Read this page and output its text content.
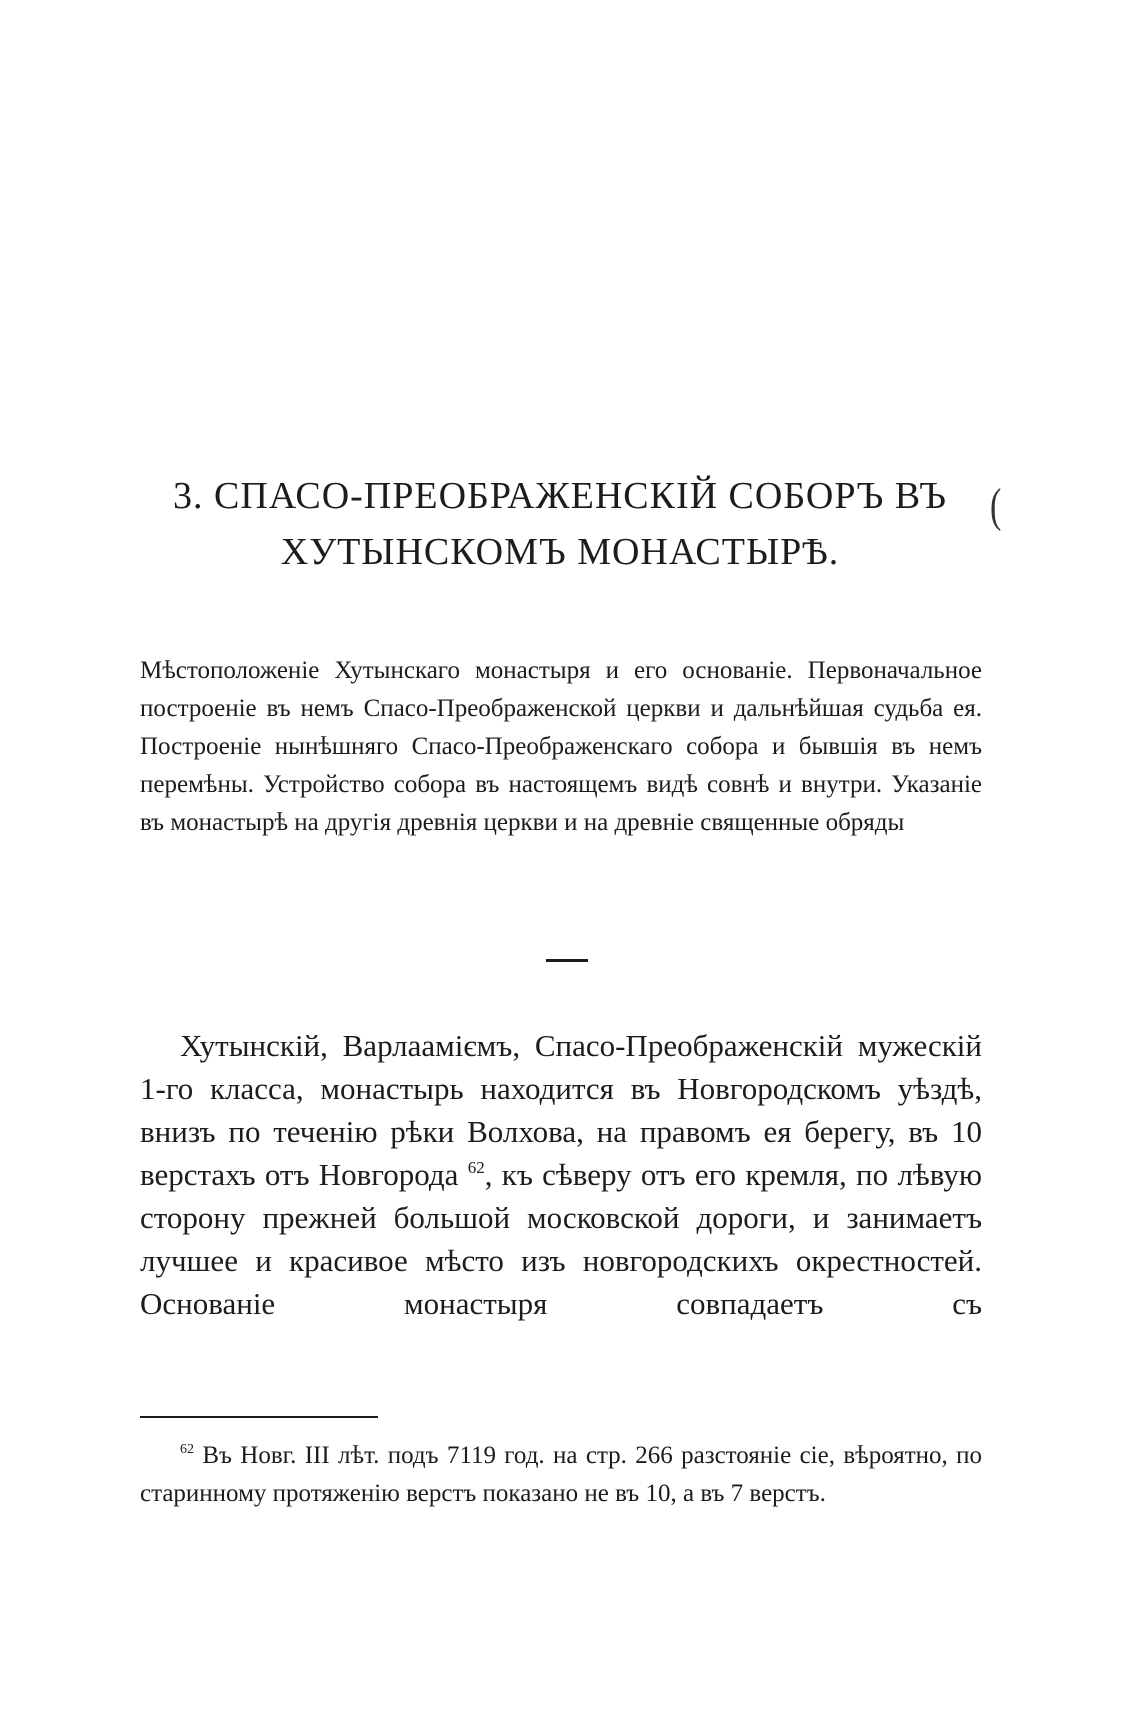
3. СПАСО-ПРЕОБРАЖЕНСКІЙ СОБОРЪ ВЪ
ХУТЫНСКОМЪ МОНАСТЫРѢ.
(

Мѣстоположеніе Хутынскаго монастыря и его основаніе. Первоначальное построеніе въ немъ Спасо-Преображенской церкви и дальнѣйшая судьба ея. Построеніе нынѣшняго Спасо-Преображенскаго собора и бывшія въ немъ перемѣны. Устройство собора въ настоящемъ видѣ совнѣ и внутри. Указаніе въ монастырѣ на другія древнія церкви и на древніе священные обряды

Хутынскій, Варлааміємъ, Спасо-Преображенскій мужескій 1-го класса, монастырь находится въ Новгородскомъ уѣздѣ, внизъ по теченію рѣки Волхова, на правомъ ея берегу, въ 10 верстахъ отъ Новгорода $^{62}$, къ сѣверу отъ его кремля, по лѣвую сторону прежней большой московской дороги, и занимаетъ лучшее и красивое мѣсто изъ новгородскихъ окрестностей. Основаніе монастыря совпадаетъ съ

$^{62}$ Въ Новг. III лѣт. подъ 7119 год. на стр. 266 разстояніе сіе, вѣроятно, по старинному протяженію верстъ показано не въ 10, а въ 7 верстъ.
